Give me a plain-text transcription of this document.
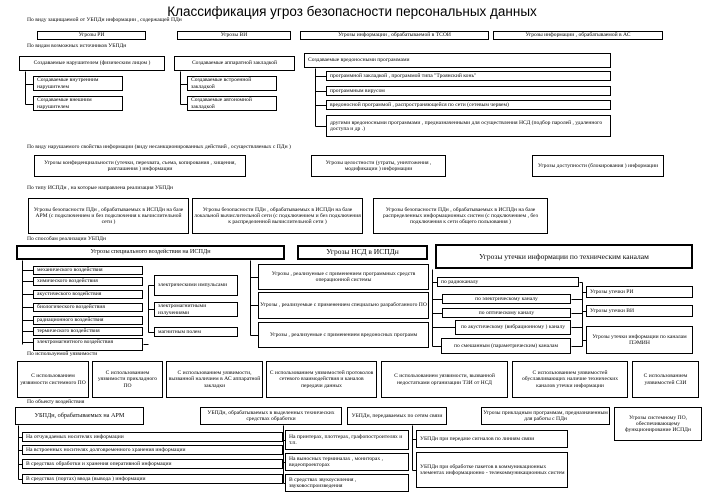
Классификация угроз безопасности персональных данных
По виду защищаемой от УБПДн информации , содержащей ПДн
Угрозы РИ	Угрозы ВИ	Угрозы информации , обрабатываемой в ТСОИ	Угрозы информации , обрабатываемой в АС
По видам возможных источников УБПДн
Создаваемые нарушителем (физическим лицом )
Создаваемые внутренним нарушителем
Создаваемые внешним нарушителем
Создаваемые аппаратной закладкой
Создаваемые встроенной закладкой
Создаваемые автономной закладкой
Создаваемые вредоносными программами
программной закладкой , программой типа "Троянский конь"
программным вирусом
вредоносной программой , распространяющейся по сети (сетевым червем)
другими вредоносными программами , предназначенными для осуществления НСД (подбор паролей , удаленного доступа и др .)
По виду нарушаемого свойства информации (виду несанкционированных действий , осуществляемых с ПДн )
Угрозы конфиденциальности (утечки, перехвата, съема, копирования , хищения, разглашения ) информации
Угрозы целостности (утраты, уничтожения , модификации ) информации
Угрозы доступности (блокирования ) информации
По типу ИСПДн , на которые направлена реализация УБПДн
Угрозы безопасности ПДн , обрабатываемых в ИСПДн на базе АРМ (с подключением и без подключения к вычислительной сети )
Угрозы безопасности ПДн , обрабатываемых в ИСПДн на базе локальной вычислительной сети (с подключением и без подключения к распределенной вычислительной сети )
Угрозы безопасности ПДн , обрабатываемых в ИСПДн на базе распределенных информационных систем (с подключением , без подключения к сети общего пользования )
По способам реализации УБПДн
Угрозы специального воздействия на ИСПДн
механического воздействия
химического воздействия
акустического воздействия
биологического воздействия
радиационного воздействия
термического воздействия
электромагнитного воздействия
электрическими импульсами
электромагнитными излучениями
магнитным полем
Угрозы НСД в ИСПДн
Угрозы , реализуемые с применением программных средств операционной системы
Угрозы , реализуемые с применением специально разработанного ПО
Угрозы , реализуемые с применением вредоносных программ
Угрозы утечки информации по техническим каналам
по радиоканалу
по электрическому каналу
по оптическому каналу
по акустическому (вибрационному ) каналу
по смешанным (параметрическим) каналам
Угрозы утечки РИ
Угрозы утечки ВИ
Угрозы утечки информации по каналам ПЭМИН
По используемой уязвимости
С использованием уязвимости системного ПО
С использованием уязвимости прикладного ПО
С использованием уязвимости, вызванной наличием в АС аппаратной закладки
С использованием уязвимостей протоколов сетевого взаимодействия и каналов передачи данных
С использованием уязвимости, вызванной недостатками организации ТЗИ от НСД
С использованием уязвимостей обуславливающих наличие технических каналов утечки информации
С использованием уязвимостей СЗИ
По объекту воздействия
УБПДн, обрабатываемых на АРМ	УБПДн, обрабатываемых в выделенных технических средствах обработки
УБПДн, передаваемых по сетям связи
Угрозы прикладным программам, предназначенным для работы с ПДн	Угрозы системному ПО, обеспечивающему функционирование ИСПДн
На отчуждаемых носителях информации
На встроенных носителях долговременного хранения информации
В средствах обработки и хранения оперативной информации
В средствах (портах) ввода (вывода ) информации
На принтерах, плоттерах, графопостроителях и т.п.
На выносных терминалах , мониторах , видеопроекторах
В средствах звукоусиления , звуковоспроизведения
УБПДн при передаче сигналов по линиям связи
УБПДн при обработке пакетов в коммуникационных элементах информационно - телекоммуникационных систем
